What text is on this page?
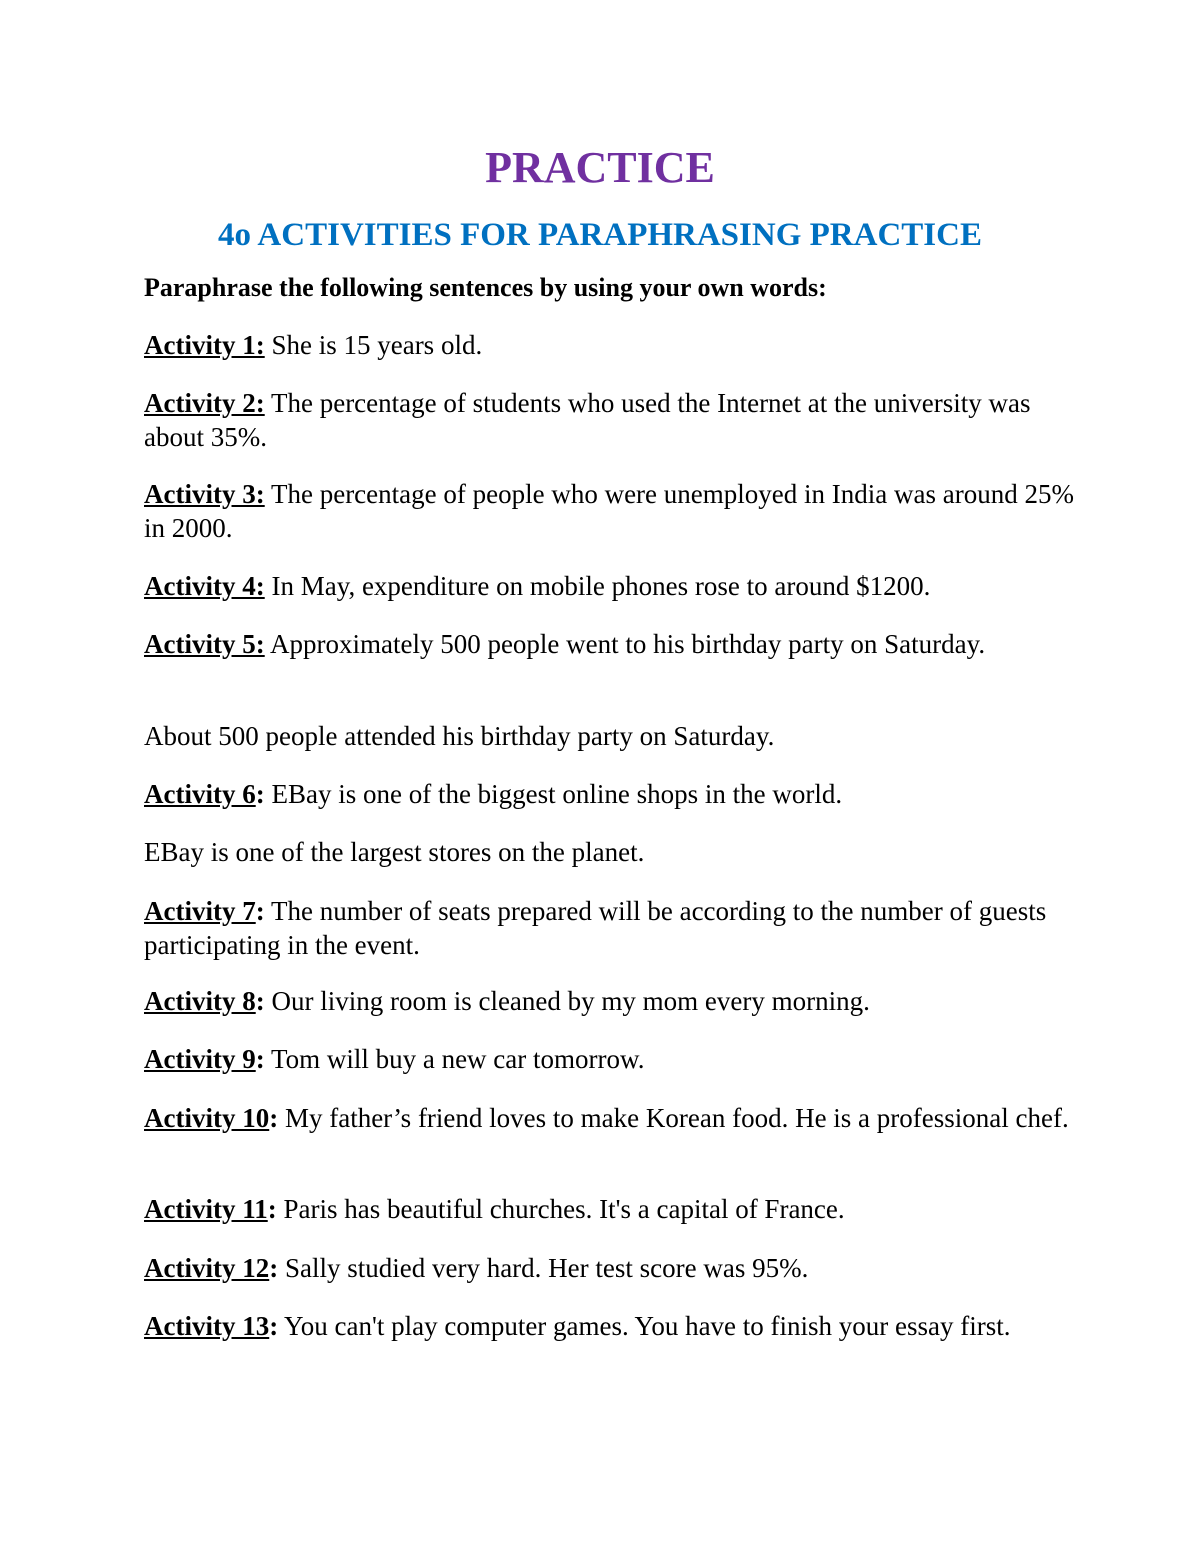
PRACTICE
4o ACTIVITIES FOR PARAPHRASING PRACTICE

Paraphrase the following sentences by using your own words:

Activity 1: She is 15 years old.

Activity 2: The percentage of students who used the Internet at the university was about 35%.

Activity 3: The percentage of people who were unemployed in India was around 25% in 2000.

Activity 4: In May, expenditure on mobile phones rose to around $1200.

Activity 5: Approximately 500 people went to his birthday party on Saturday.

About 500 people attended his birthday party on Saturday.

Activity 6: EBay is one of the biggest online shops in the world.

EBay is one of the largest stores on the planet.

Activity 7: The number of seats prepared will be according to the number of guests participating in the event.

Activity 8: Our living room is cleaned by my mom every morning.

Activity 9: Tom will buy a new car tomorrow.

Activity 10: My father’s friend loves to make Korean food. He is a professional chef.

Activity 11: Paris has beautiful churches. It's a capital of France.

Activity 12: Sally studied very hard. Her test score was 95%.

Activity 13: You can't play computer games. You have to finish your essay first.
